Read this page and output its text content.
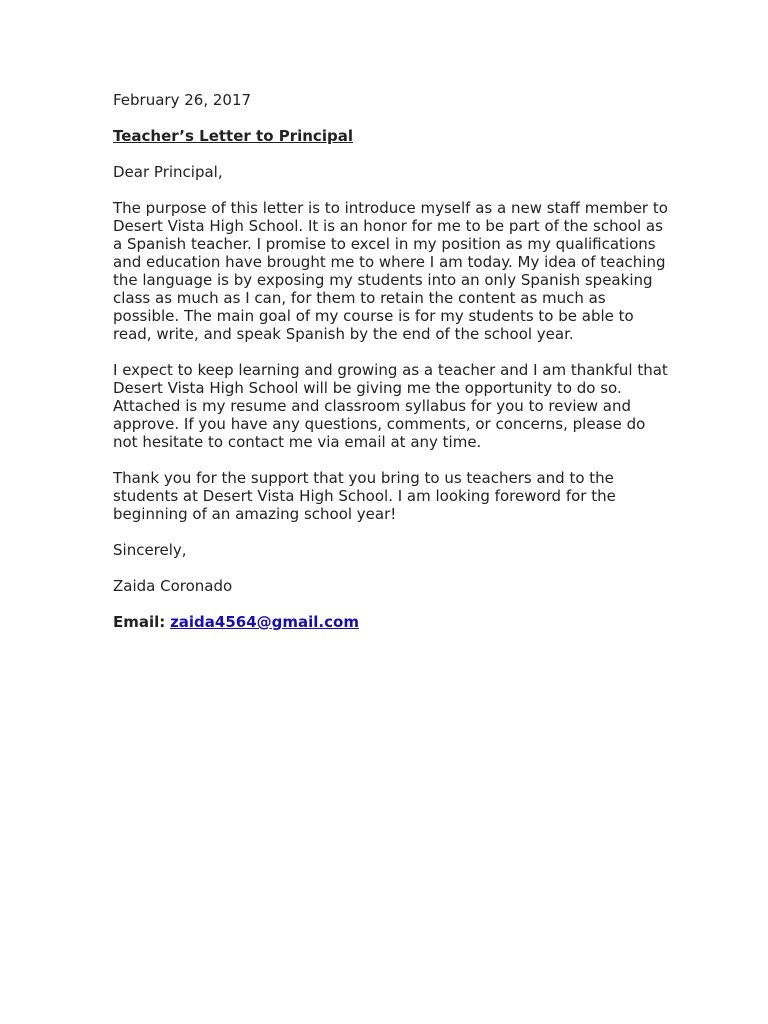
February 26, 2017

Teacher’s Letter to Principal

Dear Principal,

The purpose of this letter is to introduce myself as a new staff member to Desert Vista High School. It is an honor for me to be part of the school as a Spanish teacher. I promise to excel in my position as my qualifications and education have brought me to where I am today. My idea of teaching the language is by exposing my students into an only Spanish speaking class as much as I can, for them to retain the content as much as possible. The main goal of my course is for my students to be able to read, write, and speak Spanish by the end of the school year.

I expect to keep learning and growing as a teacher and I am thankful that Desert Vista High School will be giving me the opportunity to do so. Attached is my resume and classroom syllabus for you to review and approve. If you have any questions, comments, or concerns, please do not hesitate to contact me via email at any time.

Thank you for the support that you bring to us teachers and to the students at Desert Vista High School. I am looking foreword for the beginning of an amazing school year!

Sincerely,

Zaida Coronado

Email: zaida4564@gmail.com
